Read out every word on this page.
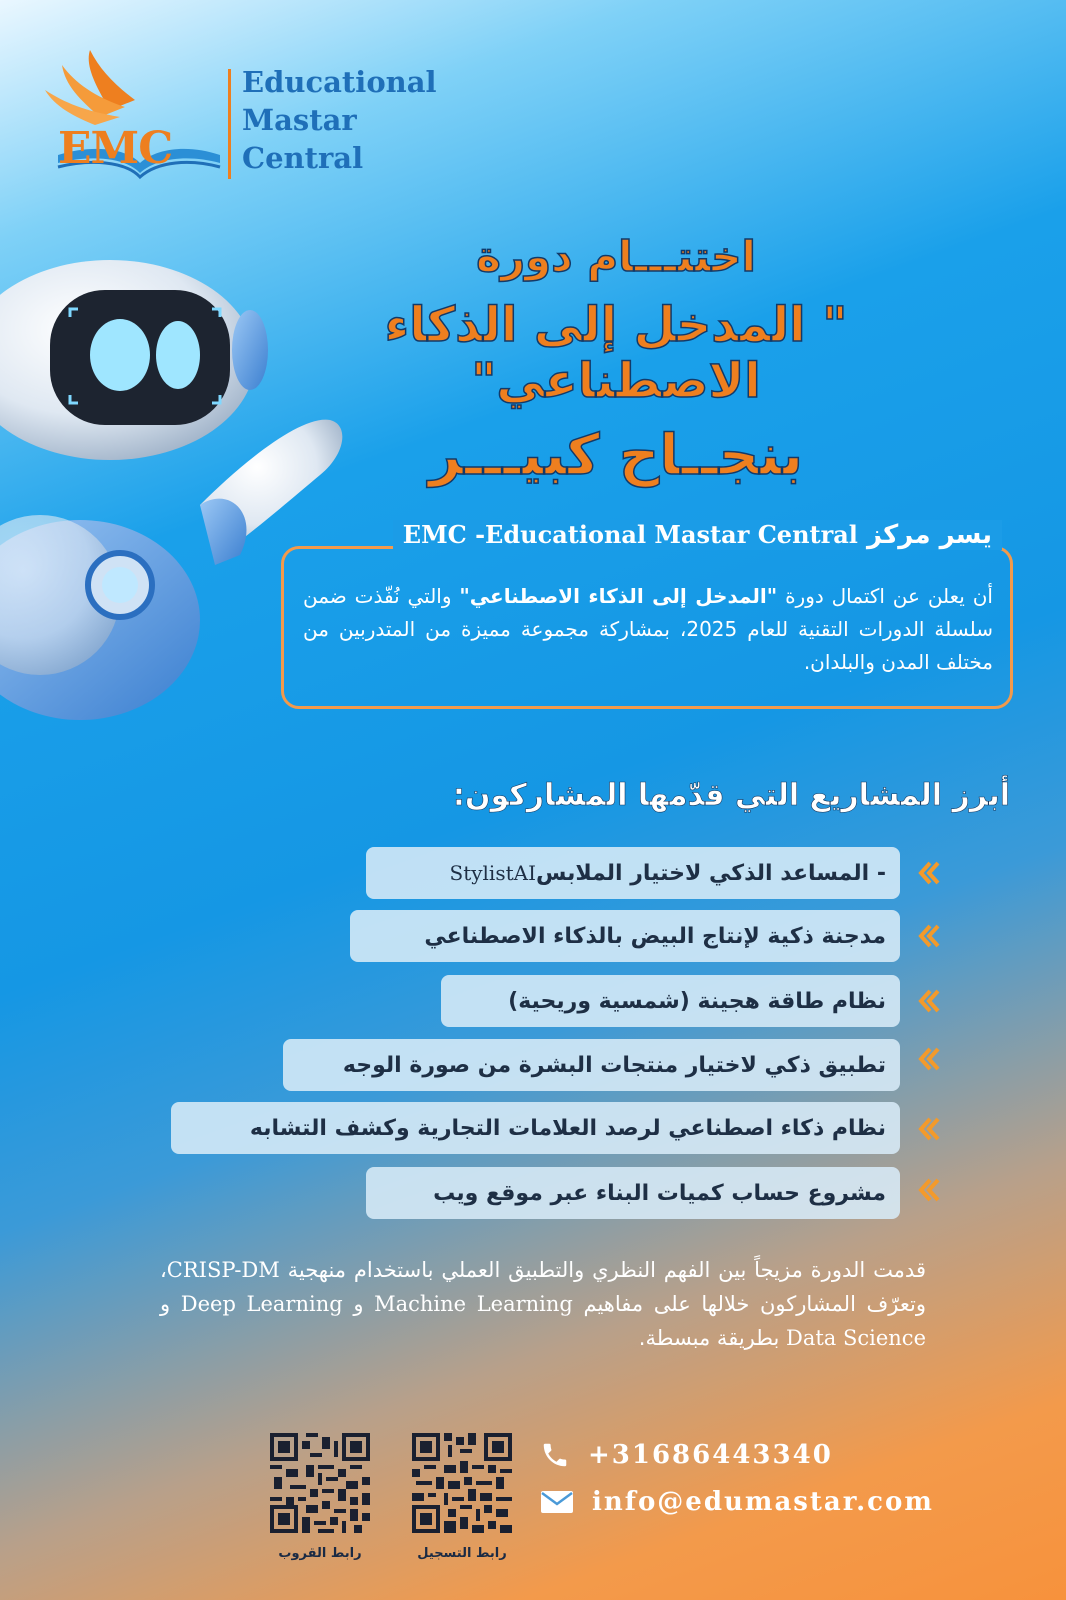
EMC
Educational
Mastar
Central
اختتـــام دورة
" المدخل إلى الذكاء الاصطناعي"
بنجــاح كبيـــر
يسر مركز EMC -Educational Mastar Central
أن يعلن عن اكتمال دورة "المدخل إلى الذكاء الاصطناعي" والتي نُفّذت ضمن سلسلة الدورات التقنية للعام 2025، بمشاركة مجموعة مميزة من المتدربين من مختلف المدن والبلدان.
أبرز المشاريع التي قدّمها المشاركون:
- المساعد الذكي لاختيار الملابس
StylistAI
مدجنة ذكية لإنتاج البيض بالذكاء الاصطناعي
نظام طاقة هجينة (شمسية وريحية)
تطبيق ذكي لاختيار منتجات البشرة من صورة الوجه
نظام ذكاء اصطناعي لرصد العلامات التجارية وكشف التشابه
مشروع حساب كميات البناء عبر موقع ويب
قدمت الدورة مزيجاً بين الفهم النظري والتطبيق العملي باستخدام منهجية CRISP-DM، وتعرّف المشاركون خلالها على مفاهيم Machine Learning و Deep Learning و Data Science بطريقة مبسطة.
+31686443340
info@edumastar.com
رابط التسجيل
رابط القروب
